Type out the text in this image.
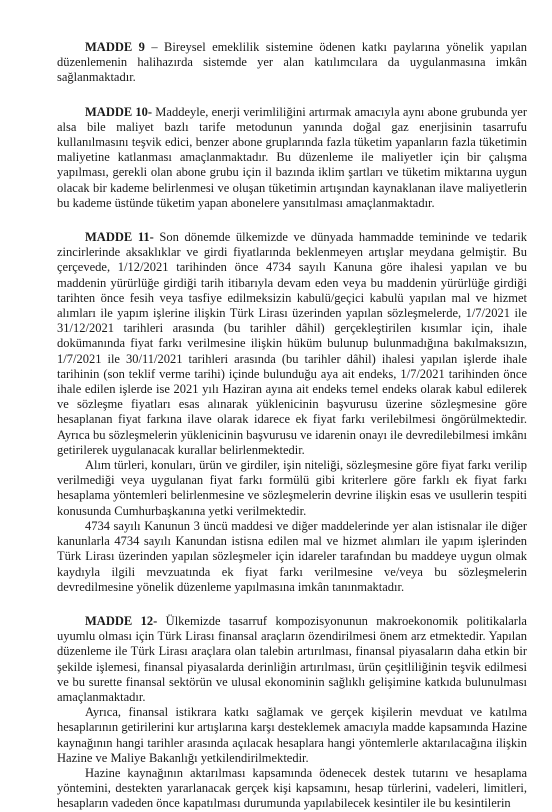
MADDE 9 – Bireysel emeklilik sistemine ödenen katkı paylarına yönelik yapılan düzenlemenin halihazırda sistemde yer alan katılımcılara da uygulanmasına imkân sağlanmaktadır.

MADDE 10- Maddeyle, enerji verimliliğini artırmak amacıyla aynı abone grubunda yer alsa bile maliyet bazlı tarife metodunun yanında doğal gaz enerjisinin tasarrufu kullanılmasını teşvik edici, benzer abone gruplarında fazla tüketim yapanların fazla tüketimin maliyetine katlanması amaçlanmaktadır. Bu düzenleme ile maliyetler için bir çalışma yapılması, gerekli olan abone grubu için il bazında iklim şartları ve tüketim miktarına uygun olacak bir kademe belirlenmesi ve oluşan tüketimin artışından kaynaklanan ilave maliyetlerin bu kademe üstünde tüketim yapan abonelere yansıtılması amaçlanmaktadır.

MADDE 11- Son dönemde ülkemizde ve dünyada hammadde temininde ve tedarik zincirlerinde aksaklıklar ve girdi fiyatlarında beklenmeyen artışlar meydana gelmiştir. Bu çerçevede, 1/12/2021 tarihinden önce 4734 sayılı Kanuna göre ihalesi yapılan ve bu maddenin yürürlüğe girdiği tarih itibarıyla devam eden veya bu maddenin yürürlüğe girdiği tarihten önce fesih veya tasfiye edilmeksizin kabulü/geçici kabulü yapılan mal ve hizmet alımları ile yapım işlerine ilişkin Türk Lirası üzerinden yapılan sözleşmelerde, 1/7/2021 ile 31/12/2021 tarihleri arasında (bu tarihler dâhil) gerçekleştirilen kısımlar için, ihale dokümanında fiyat farkı verilmesine ilişkin hüküm bulunup bulunmadığına bakılmaksızın, 1/7/2021 ile 30/11/2021 tarihleri arasında (bu tarihler dâhil) ihalesi yapılan işlerde ihale tarihinin (son teklif verme tarihi) içinde bulunduğu aya ait endeks, 1/7/2021 tarihinden önce ihale edilen işlerde ise 2021 yılı Haziran ayına ait endeks temel endeks olarak kabul edilerek ve sözleşme fiyatları esas alınarak yüklenicinin başvurusu üzerine sözleşmesine göre hesaplanan fiyat farkına ilave olarak idarece ek fiyat farkı verilebilmesi öngörülmektedir. Ayrıca bu sözleşmelerin yüklenicinin başvurusu ve idarenin onayı ile devredilebilmesi imkânı getirilerek uygulanacak kurallar belirlenmektedir.

Alım türleri, konuları, ürün ve girdiler, işin niteliği, sözleşmesine göre fiyat farkı verilip verilmediği veya uygulanan fiyat farkı formülü gibi kriterlere göre farklı ek fiyat farkı hesaplama yöntemleri belirlenmesine ve sözleşmelerin devrine ilişkin esas ve usullerin tespiti konusunda Cumhurbaşkanına yetki verilmektedir.

4734 sayılı Kanunun 3 üncü maddesi ve diğer maddelerinde yer alan istisnalar ile diğer kanunlarla 4734 sayılı Kanundan istisna edilen mal ve hizmet alımları ile yapım işlerinden Türk Lirası üzerinden yapılan sözleşmeler için idareler tarafından bu maddeye uygun olmak kaydıyla ilgili mevzuatında ek fiyat farkı verilmesine ve/veya bu sözleşmelerin devredilmesine yönelik düzenleme yapılmasına imkân tanınmaktadır.

MADDE 12- Ülkemizde tasarruf kompozisyonunun makroekonomik politikalarla uyumlu olması için Türk Lirası finansal araçların özendirilmesi önem arz etmektedir. Yapılan düzenleme ile Türk Lirası araçlara olan talebin artırılması, finansal piyasaların daha etkin bir şekilde işlemesi, finansal piyasalarda derinliğin artırılması, ürün çeşitliliğinin teşvik edilmesi ve bu surette finansal sektörün ve ulusal ekonominin sağlıklı gelişimine katkıda bulunulması amaçlanmaktadır.

Ayrıca, finansal istikrara katkı sağlamak ve gerçek kişilerin mevduat ve katılma hesaplarının getirilerini kur artışlarına karşı desteklemek amacıyla madde kapsamında Hazine kaynağının hangi tarihler arasında açılacak hesaplara hangi yöntemlerle aktarılacağına ilişkin Hazine ve Maliye Bakanlığı yetkilendirilmektedir.

Hazine kaynağının aktarılması kapsamında ödenecek destek tutarını ve hesaplama yöntemini, destekten yararlanacak gerçek kişi kapsamını, hesap türlerini, vadeleri, limitleri, hesapların vadeden önce kapatılması durumunda yapılabilecek kesintiler ile bu kesintilerin
